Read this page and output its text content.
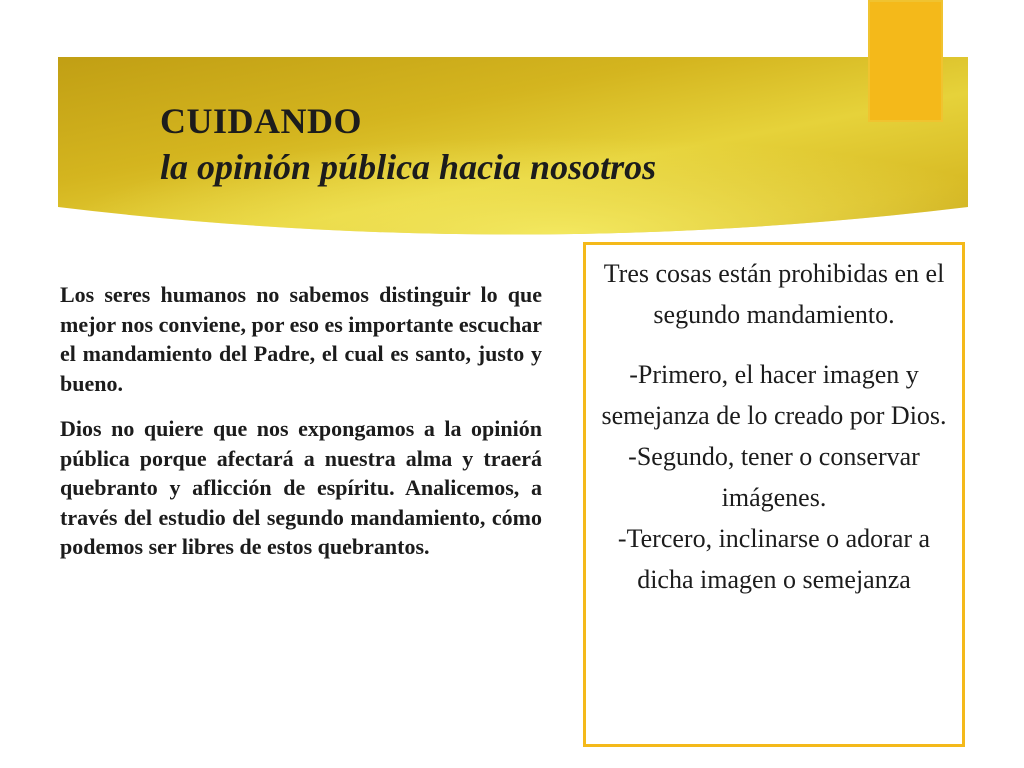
CUIDANDO
la opinión pública hacia nosotros

Los seres humanos no sabemos distinguir lo que mejor nos conviene, por eso es importante escuchar el mandamiento del Padre, el cual es santo, justo y bueno.

Dios no quiere que nos expongamos a la opinión pública porque afectará a nuestra alma y traerá quebranto y aflicción de espíritu. Analicemos, a través del estudio del segundo mandamiento, cómo podemos ser libres de estos quebrantos.

Tres cosas están prohibidas en el segundo mandamiento.
-Primero, el hacer imagen y semejanza de lo creado por Dios.
-Segundo, tener o conservar imágenes.
-Tercero, inclinarse o adorar a dicha imagen o semejanza
